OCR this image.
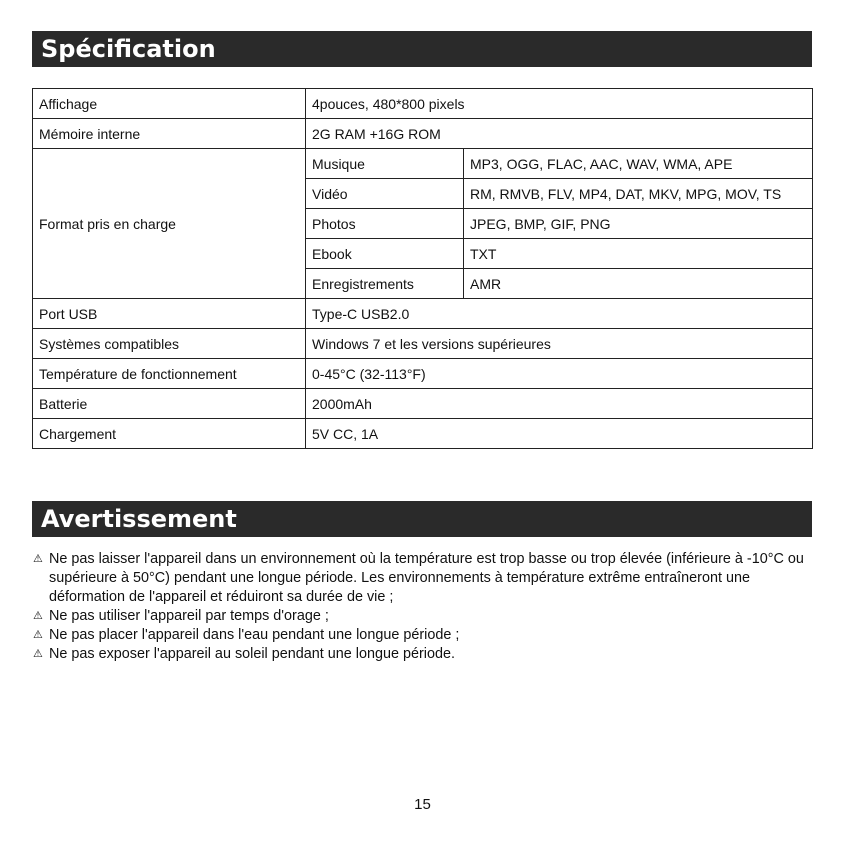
Spécification
Affichage	4pouces, 480*800 pixels	
Mémoire interne	2G RAM +16G ROM	
Format pris en charge	Musique	MP3, OGG, FLAC, AAC, WAV, WMA, APE
	Vidéo	RM, RMVB, FLV, MP4, DAT, MKV, MPG, MOV, TS
	Photos	JPEG, BMP, GIF, PNG
	Ebook	TXT
	Enregistrements	AMR
Port USB	Type-C USB2.0	
Systèmes compatibles	Windows 7 et les versions supérieures	
Température de fonctionnement	0-45°C (32-113°F)	
Batterie	2000mAh	
Chargement	5V CC, 1A	
Avertissement
⚠ Ne pas laisser l'appareil dans un environnement où la température est trop basse ou trop élevée (inférieure à -10°C ou supérieure à 50°C) pendant une longue période. Les environnements à température extrême entraîneront une déformation de l'appareil et réduiront sa durée de vie ;
⚠ Ne pas utiliser l'appareil par temps d'orage ;
⚠ Ne pas placer l'appareil dans l'eau pendant une longue période ;
⚠ Ne pas exposer l'appareil au soleil pendant une longue période.
15
